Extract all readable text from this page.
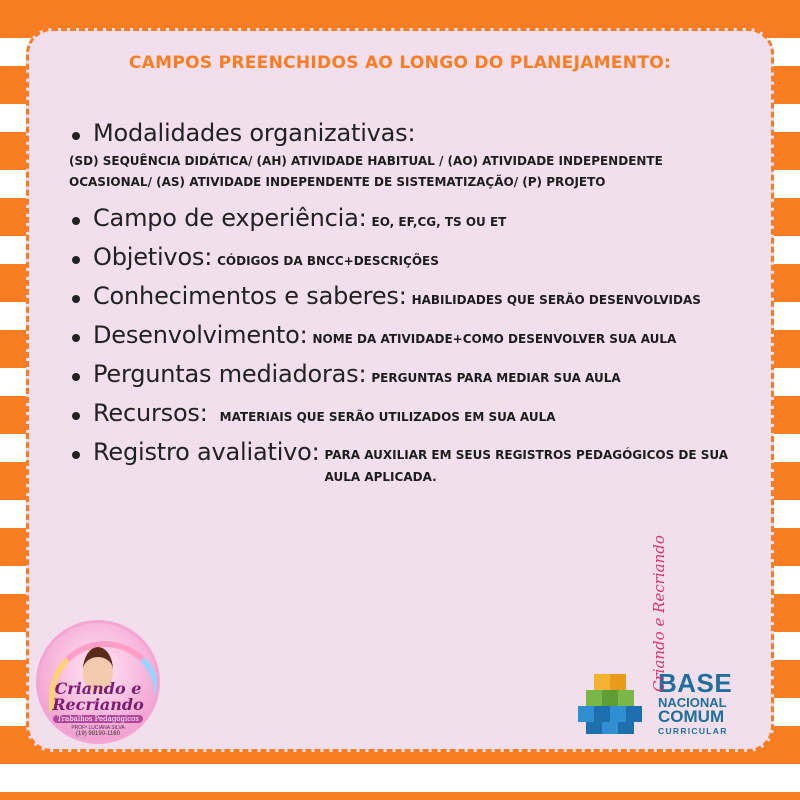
CAMPOS PREENCHIDOS AO LONGO DO PLANEJAMENTO:
Modalidades organizativas:
(SD) SEQUÊNCIA DIDÁTICA/ (AH) ATIVIDADE HABITUAL / (AO) ATIVIDADE INDEPENDENTE OCASIONAL/ (AS) ATIVIDADE INDEPENDENTE DE SISTEMATIZAÇÃO/ (P) PROJETO
Campo de experiência: EO, EF,CG, TS OU ET
Objetivos: CÓDIGOS DA BNCC+DESCRIÇÕES
Conhecimentos e saberes: HABILIDADES QUE SERÃO DESENVOLVIDAS
Desenvolvimento: NOME DA ATIVIDADE+COMO DESENVOLVER SUA AULA
Perguntas mediadoras: PERGUNTAS PARA MEDIAR SUA AULA
Recursos: MATERIAIS QUE SERÃO UTILIZADOS EM SUA AULA
Registro avaliativo: PARA AUXILIAR EM SEUS REGISTROS PEDAGÓGICOS DE SUA AULA APLICADA.
Criando e
Recriando
Trabalhos Pedagógicos
PROFª LUCIANA SILVA
(19) 98190-1160
BASE
NACIONAL
COMUM
CURRICULAR
Criando e Recriando
